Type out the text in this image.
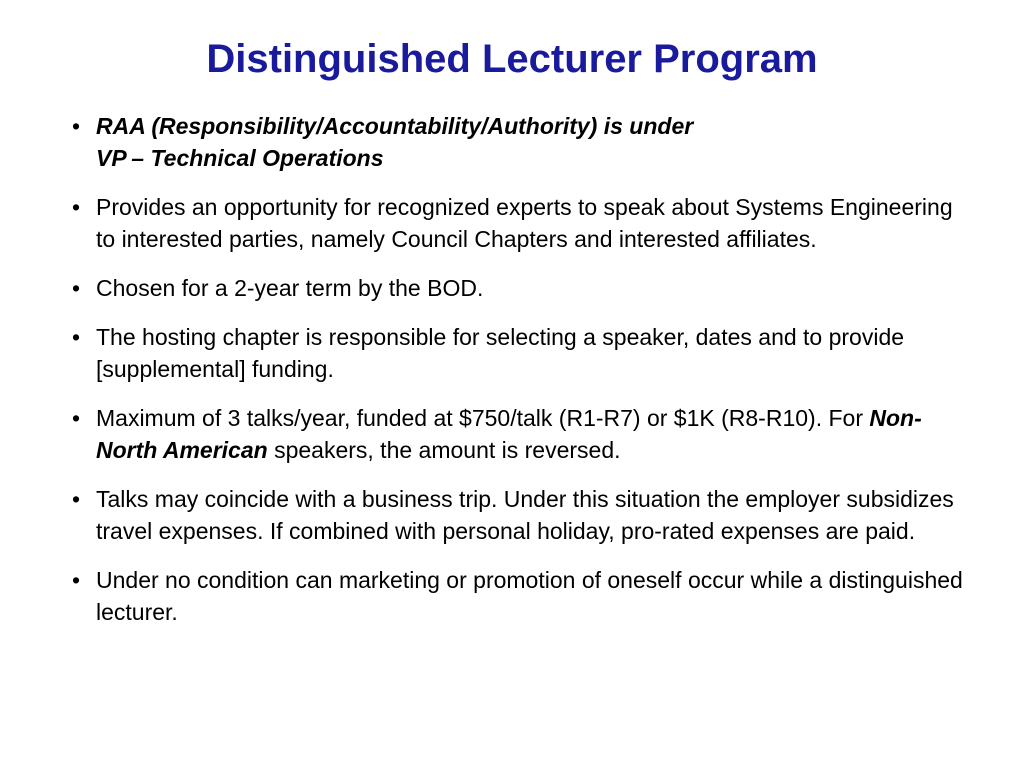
Distinguished Lecturer Program
• RAA (Responsibility/Accountability/Authority) is under
VP – Technical Operations
• Provides an opportunity for recognized experts to speak about Systems Engineering to interested parties, namely Council Chapters and interested affiliates.
• Chosen for a 2-year term by the BOD.
• The hosting chapter is responsible for selecting a speaker, dates and to provide [supplemental] funding.
• Maximum of 3 talks/year, funded at $750/talk (R1-R7) or $1K (R8-R10). For Non-North American speakers, the amount is reversed.
• Talks may coincide with a business trip. Under this situation the employer subsidizes travel expenses. If combined with personal holiday, pro-rated expenses are paid.
• Under no condition can marketing or promotion of oneself occur while a distinguished lecturer.
